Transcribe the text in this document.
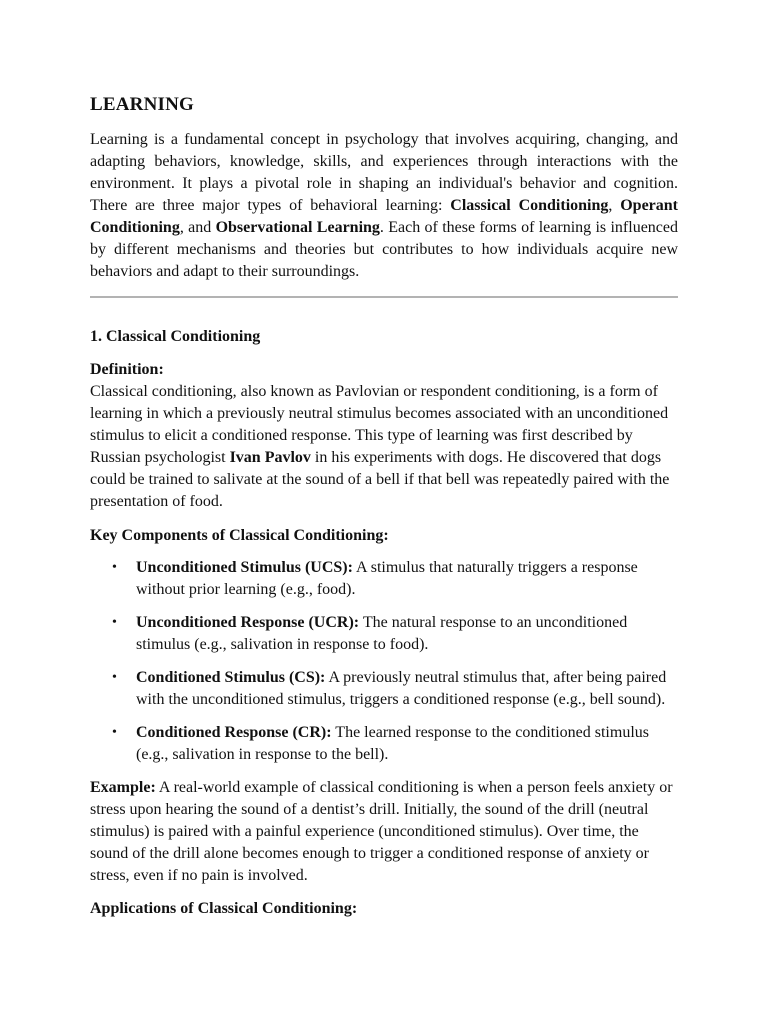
LEARNING

Learning is a fundamental concept in psychology that involves acquiring, changing, and adapting behaviors, knowledge, skills, and experiences through interactions with the environment. It plays a pivotal role in shaping an individual's behavior and cognition. There are three major types of behavioral learning: Classical Conditioning, Operant Conditioning, and Observational Learning. Each of these forms of learning is influenced by different mechanisms and theories but contributes to how individuals acquire new behaviors and adapt to their surroundings.

1. Classical Conditioning

Definition:

Classical conditioning, also known as Pavlovian or respondent conditioning, is a form of learning in which a previously neutral stimulus becomes associated with an unconditioned stimulus to elicit a conditioned response. This type of learning was first described by Russian psychologist Ivan Pavlov in his experiments with dogs. He discovered that dogs could be trained to salivate at the sound of a bell if that bell was repeatedly paired with the presentation of food.

Key Components of Classical Conditioning:

• Unconditioned Stimulus (UCS): A stimulus that naturally triggers a response without prior learning (e.g., food).
• Unconditioned Response (UCR): The natural response to an unconditioned stimulus (e.g., salivation in response to food).
• Conditioned Stimulus (CS): A previously neutral stimulus that, after being paired with the unconditioned stimulus, triggers a conditioned response (e.g., bell sound).
• Conditioned Response (CR): The learned response to the conditioned stimulus (e.g., salivation in response to the bell).

Example: A real-world example of classical conditioning is when a person feels anxiety or stress upon hearing the sound of a dentist’s drill. Initially, the sound of the drill (neutral stimulus) is paired with a painful experience (unconditioned stimulus). Over time, the sound of the drill alone becomes enough to trigger a conditioned response of anxiety or stress, even if no pain is involved.

Applications of Classical Conditioning:
